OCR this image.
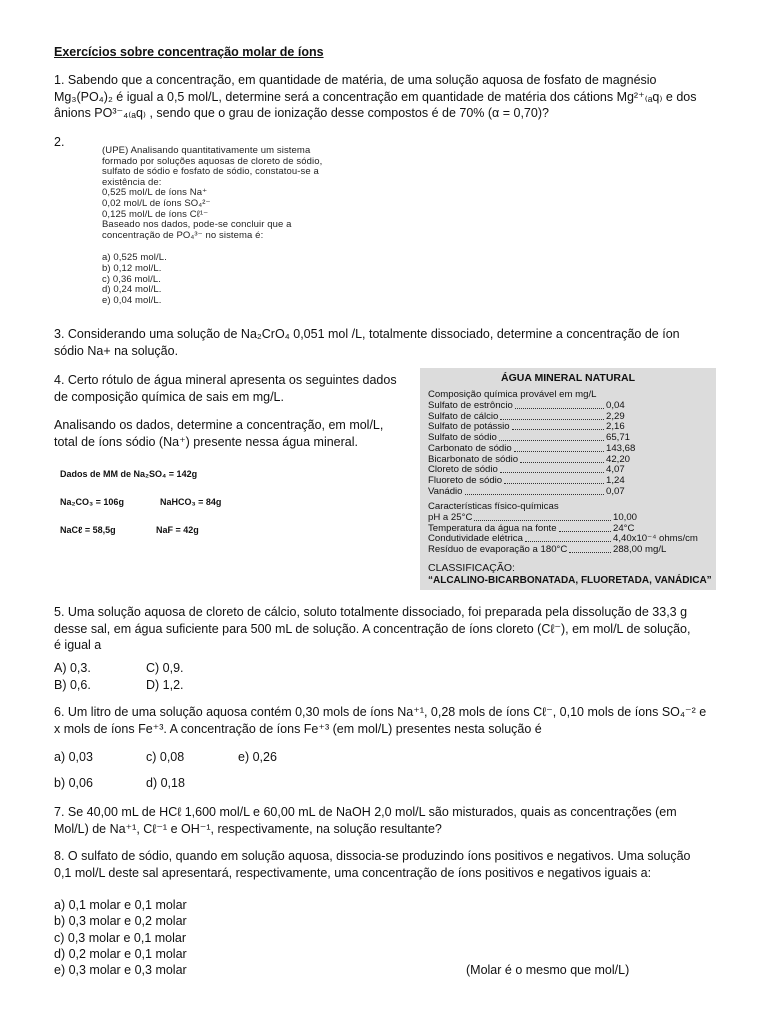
Exercícios sobre concentração molar de íons
1. Sabendo que a concentração, em quantidade de matéria, de uma solução aquosa de fosfato de magnésio
Mg₃(PO₄)₂ é igual a 0,5 mol/L, determine será a concentração em quantidade de matéria dos cátions Mg²⁺₍ₐq₎ e dos
ânions PO³⁻₄₍ₐq₎ , sendo que o grau de ionização desse compostos é de 70% (α = 0,70)?
2.
(UPE) Analisando quantitativamente um sistema
formado por soluções aquosas de cloreto de sódio,
sulfato de sódio e fosfato de sódio, constatou-se a
existência de:
0,525 mol/L de íons Na⁺
0,02 mol/L de íons SO₄²⁻
0,125 mol/L de íons Cℓ¹⁻
Baseado nos dados, pode-se concluir que a
concentração de PO₄³⁻ no sistema é:
a) 0,525 mol/L.
b) 0,12 mol/L.
c) 0,36 mol/L.
d) 0,24 mol/L.
e) 0,04 mol/L.
3. Considerando uma solução de Na₂CrO₄ 0,051 mol /L, totalmente dissociado, determine a concentração de íon
sódio Na+ na solução.
4. Certo rótulo de água mineral apresenta os seguintes dados
de composição química de sais em mg/L.
Analisando os dados, determine a concentração, em mol/L,
total de íons sódio (Na⁺) presente nessa água mineral.
Dados de MM de Na₂SO₄ = 142g
Na₂CO₃ = 106g	NaHCO₃ = 84g
NaCℓ = 58,5g	NaF = 42g
ÁGUA MINERAL NATURAL
Composição química provável em mg/L
Sulfato de estrôncio	0,04
Sulfato de cálcio	2,29
Sulfato de potássio	2,16
Sulfato de sódio	65,71
Carbonato de sódio	143,68
Bicarbonato de sódio	42,20
Cloreto de sódio	4,07
Fluoreto de sódio	1,24
Vanádio	0,07
Características físico-químicas
pH a 25°C	10,00
Temperatura da água na fonte	24°C
Condutividade elétrica	4,40x10⁻⁴ ohms/cm
Resíduo de evaporação a 180°C	288,00 mg/L
CLASSIFICAÇÃO:
“ALCALINO-BICARBONATADA, FLUORETADA, VANÁDICA”
5. Uma solução aquosa de cloreto de cálcio, soluto totalmente dissociado, foi preparada pela dissolução de 33,3 g
desse sal, em água suficiente para 500 mL de solução. A concentração de íons cloreto (Cℓ⁻), em mol/L de solução,
é igual a
A) 0,3.	C) 0,9.
B) 0,6.	D) 1,2.
6. Um litro de uma solução aquosa contém 0,30 mols de íons Na⁺¹, 0,28 mols de íons Cℓ⁻, 0,10 mols de íons SO₄⁻² e
x mols de íons Fe⁺³. A concentração de íons Fe⁺³ (em mol/L) presentes nesta solução é
a) 0,03	c) 0,08	e) 0,26
b) 0,06	d) 0,18
7. Se 40,00 mL de HCℓ 1,600 mol/L e 60,00 mL de NaOH 2,0 mol/L são misturados, quais as concentrações (em
Mol/L) de Na⁺¹, Cℓ⁻¹ e OH⁻¹, respectivamente, na solução resultante?
8. O sulfato de sódio, quando em solução aquosa, dissocia-se produzindo íons positivos e negativos. Uma solução
0,1 mol/L deste sal apresentará, respectivamente, uma concentração de íons positivos e negativos iguais a:
a) 0,1 molar e 0,1 molar
b) 0,3 molar e 0,2 molar
c) 0,3 molar e 0,1 molar
d) 0,2 molar e 0,1 molar
e) 0,3 molar e 0,3 molar	(Molar é o mesmo que mol/L)
